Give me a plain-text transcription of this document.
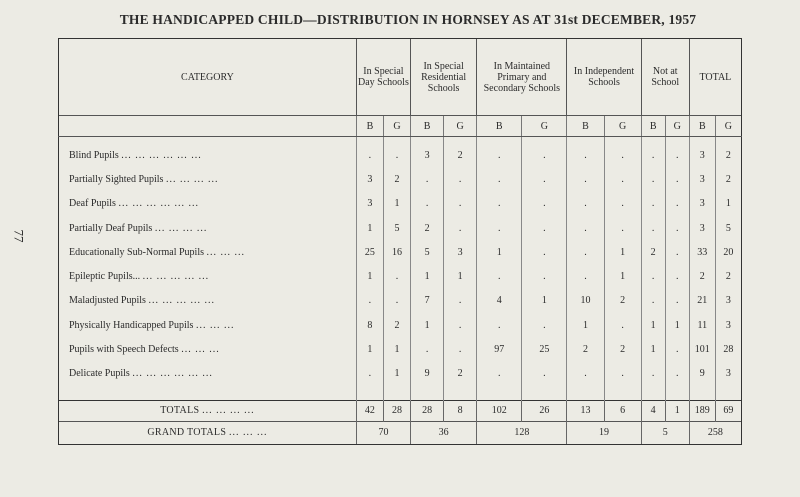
THE HANDICAPPED CHILD—DISTRIBUTION IN HORNSEY AS AT 31st DECEMBER, 1957
77
CATEGORY	In Special Day Schools		In Special Residential Schools		In Maintained Primary and Secondary Schools		In Independent Schools		Not at School		TOTAL	
	B	G	B	G	B	G	B	G	B	G	B	G
Blind Pupils ... ... ... ... ... ...	.	.	3	2	.	.	.	.	.	.	3	2
Partially Sighted Pupils ... ... ... ...	3	2	.	.	.	.	.	.	.	.	3	2
Deaf Pupils ... ... ... ... ... ...	3	1	.	.	.	.	.	.	.	.	3	1
Partially Deaf Pupils ... ... ... ...	1	5	2	.	.	.	.	.	.	.	3	5
Educationally Sub-Normal Pupils ... ... ...	25	16	5	3	1	.	.	1	2	.	33	20
Epileptic Pupils... ... ... ... ... ...	1	.	1	1	.	.	.	1	.	.	2	2
Maladjusted Pupils ... ... ... ... ...	.	.	7	.	4	1	10	2	.	.	21	3
Physically Handicapped Pupils ... ... ...	8	2	1	.	.	.	1	.	1	1	11	3
Pupils with Speech Defects ... ... ...	1	1	.	.	97	25	2	2	1	.	101	28
Delicate Pupils ... ... ... ... ... ...	.	1	9	2	.	.	.	.	.	.	9	3

TOTALS ... ... ... ...	42	28	28	8	102	26	13	6	4	1	189	69
GRAND TOTALS ... ... ...	70		36		128		19		5		258	
